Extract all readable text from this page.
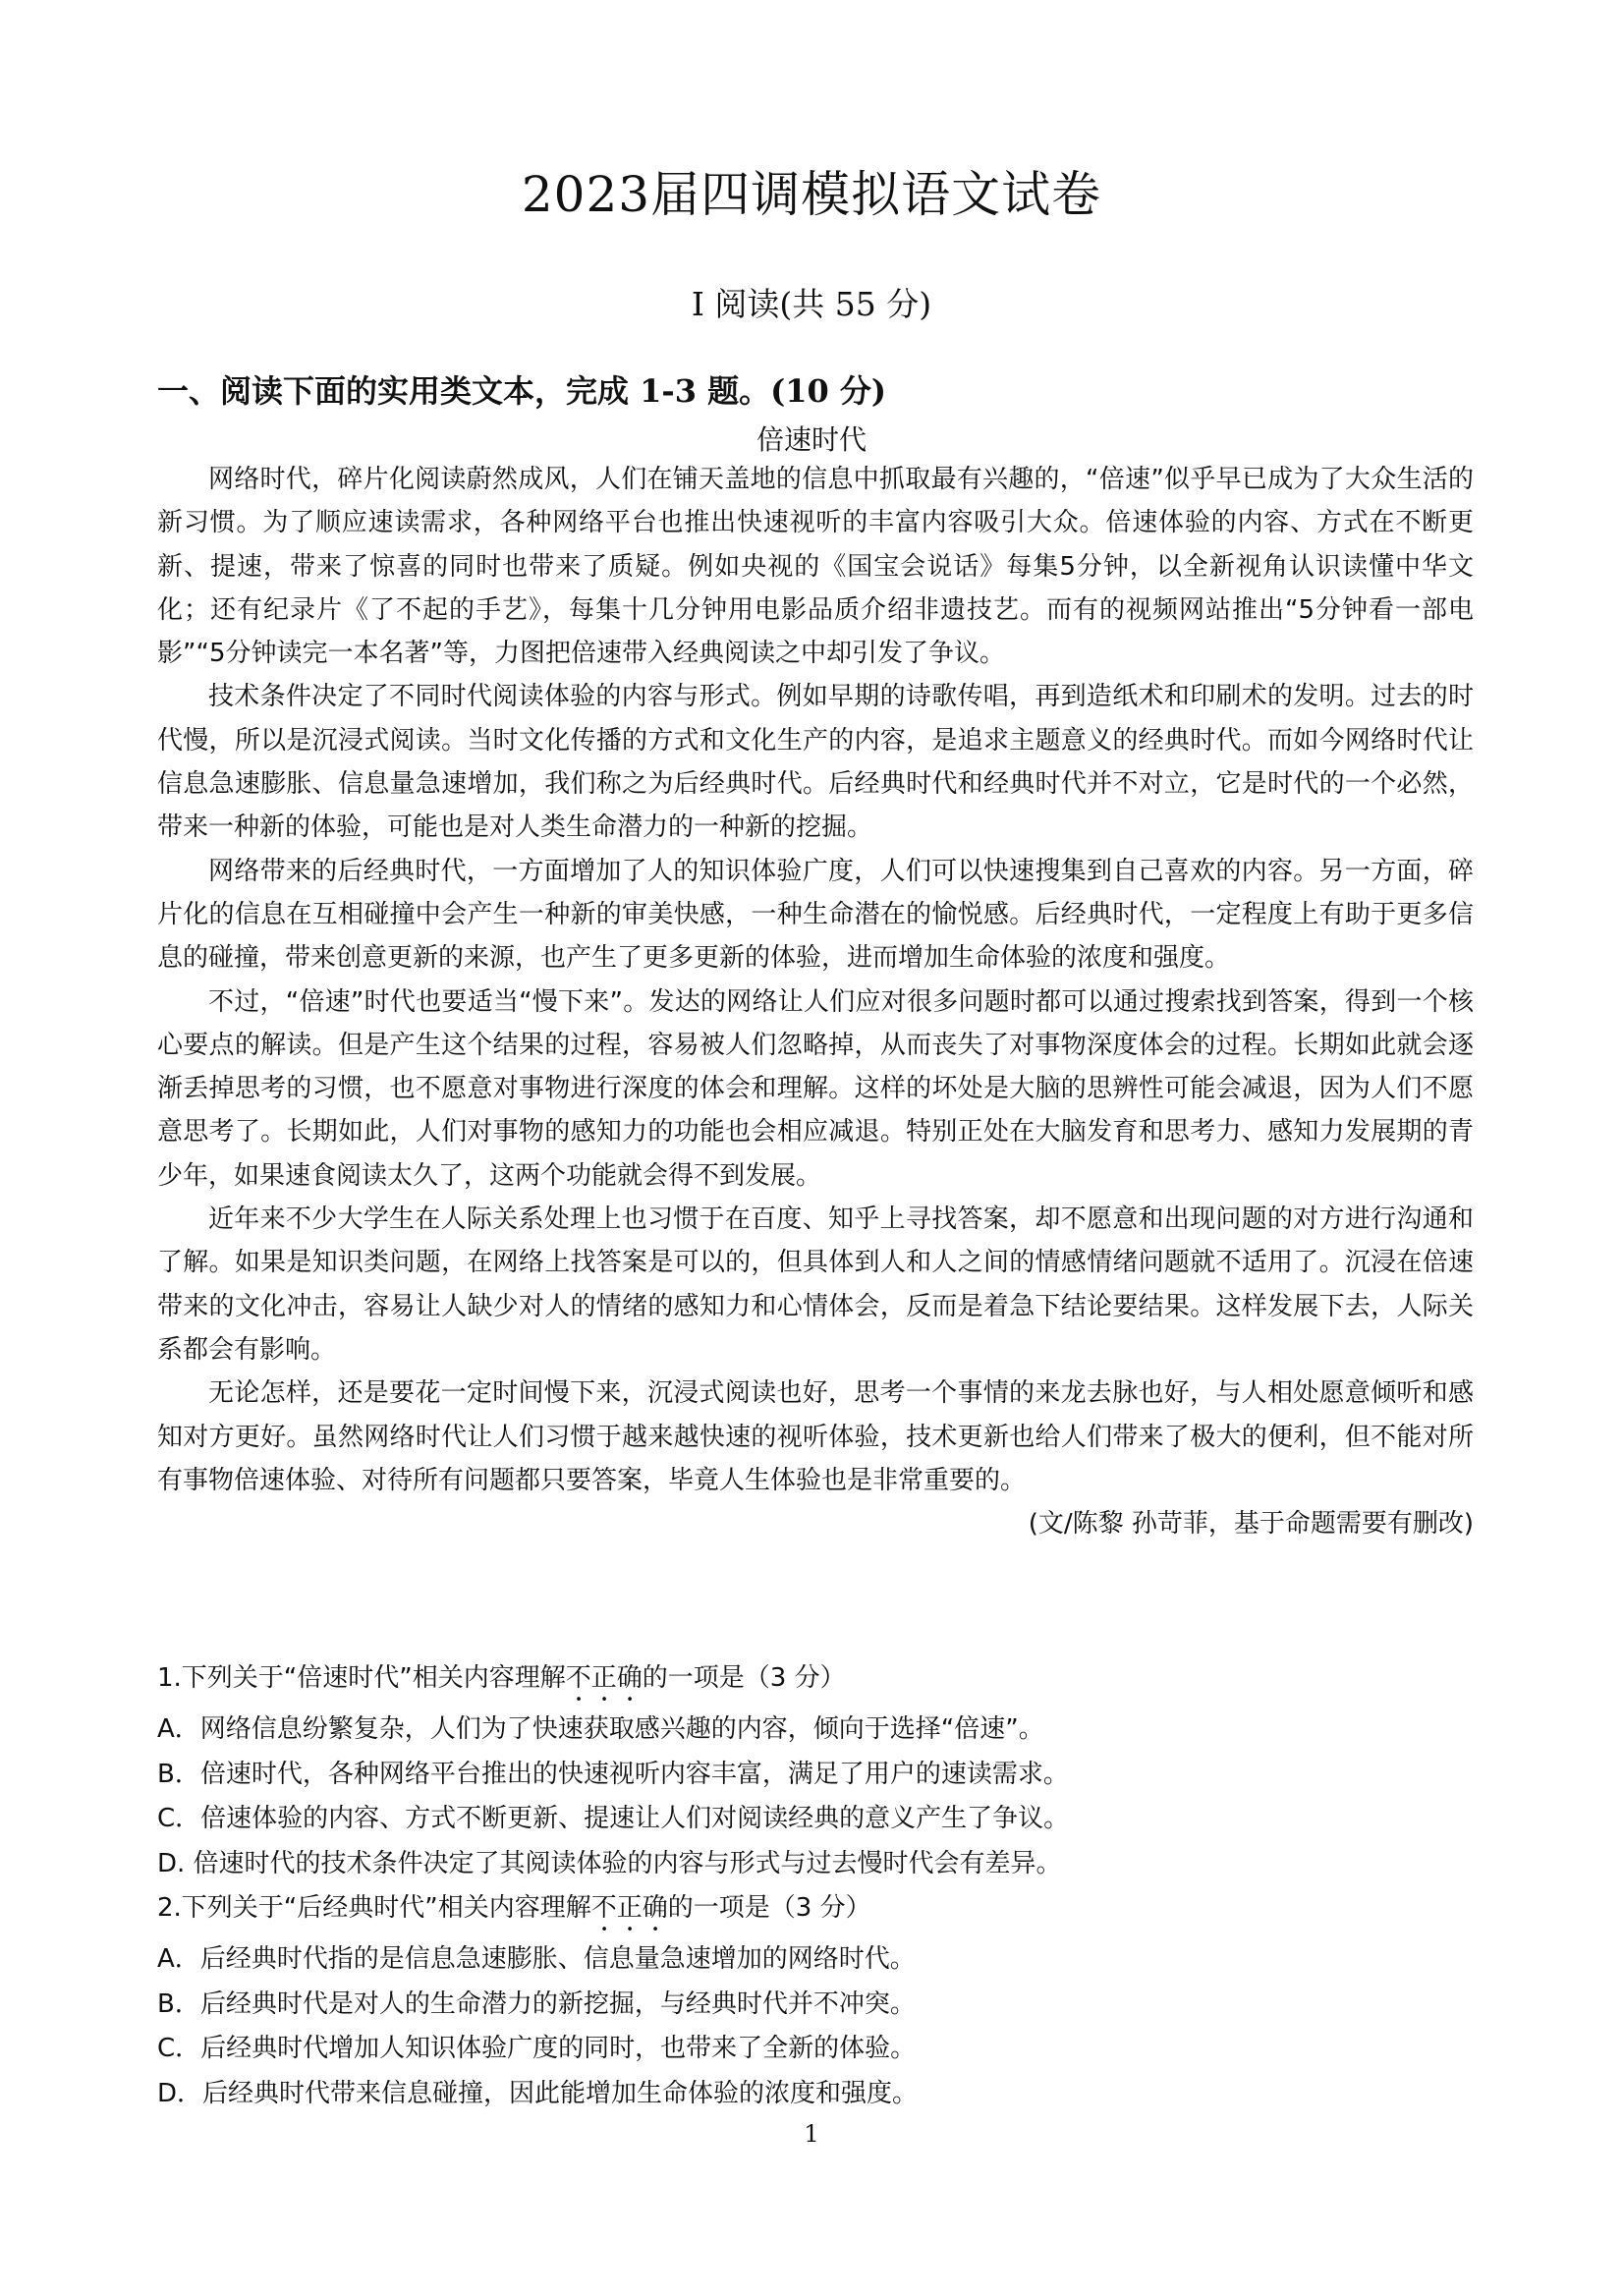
2023届四调模拟语文试卷
Ⅰ 阅读(共 55 分)
一、阅读下面的实用类文本，完成 1-3 题。(10 分)
倍速时代

网络时代，碎片化阅读蔚然成风，人们在铺天盖地的信息中抓取最有兴趣的，“倍速”似乎早已成为了大众生活的新习惯。为了顺应速读需求，各种网络平台也推出快速视听的丰富内容吸引大众。倍速体验的内容、方式在不断更新、提速，带来了惊喜的同时也带来了质疑。例如央视的《国宝会说话》每集5分钟，以全新视角认识读懂中华文化；还有纪录片《了不起的手艺》，每集十几分钟用电影品质介绍非遗技艺。而有的视频网站推出“5分钟看一部电影”“5分钟读完一本名著”等，力图把倍速带入经典阅读之中却引发了争议。

技术条件决定了不同时代阅读体验的内容与形式。例如早期的诗歌传唱，再到造纸术和印刷术的发明。过去的时代慢，所以是沉浸式阅读。当时文化传播的方式和文化生产的内容，是追求主题意义的经典时代。而如今网络时代让信息急速膨胀、信息量急速增加，我们称之为后经典时代。后经典时代和经典时代并不对立，它是时代的一个必然，带来一种新的体验，可能也是对人类生命潜力的一种新的挖掘。

网络带来的后经典时代，一方面增加了人的知识体验广度，人们可以快速搜集到自己喜欢的内容。另一方面，碎片化的信息在互相碰撞中会产生一种新的审美快感，一种生命潜在的愉悦感。后经典时代，一定程度上有助于更多信息的碰撞，带来创意更新的来源，也产生了更多更新的体验，进而增加生命体验的浓度和强度。

不过，“倍速”时代也要适当“慢下来”。发达的网络让人们应对很多问题时都可以通过搜索找到答案，得到一个核心要点的解读。但是产生这个结果的过程，容易被人们忽略掉，从而丧失了对事物深度体会的过程。长期如此就会逐渐丢掉思考的习惯，也不愿意对事物进行深度的体会和理解。这样的坏处是大脑的思辨性可能会减退，因为人们不愿意思考了。长期如此，人们对事物的感知力的功能也会相应减退。特别正处在大脑发育和思考力、感知力发展期的青少年，如果速食阅读太久了，这两个功能就会得不到发展。

近年来不少大学生在人际关系处理上也习惯于在百度、知乎上寻找答案，却不愿意和出现问题的对方进行沟通和了解。如果是知识类问题，在网络上找答案是可以的，但具体到人和人之间的情感情绪问题就不适用了。沉浸在倍速带来的文化冲击，容易让人缺少对人的情绪的感知力和心情体会，反而是着急下结论要结果。这样发展下去，人际关系都会有影响。

无论怎样，还是要花一定时间慢下来，沉浸式阅读也好，思考一个事情的来龙去脉也好，与人相处愿意倾听和感知对方更好。虽然网络时代让人们习惯于越来越快速的视听体验，技术更新也给人们带来了极大的便利，但不能对所有事物倍速体验、对待所有问题都只要答案，毕竟人生体验也是非常重要的。

(文/陈黎 孙苛菲，基于命题需要有删改)

1.下列关于“倍速时代”相关内容理解不正确的一项是（3 分）
A．网络信息纷繁复杂，人们为了快速获取感兴趣的内容，倾向于选择“倍速”。
B．倍速时代，各种网络平台推出的快速视听内容丰富，满足了用户的速读需求。
C．倍速体验的内容、方式不断更新、提速让人们对阅读经典的意义产生了争议。
D. 倍速时代的技术条件决定了其阅读体验的内容与形式与过去慢时代会有差异。
2.下列关于“后经典时代”相关内容理解不正确的一项是（3 分）
A．后经典时代指的是信息急速膨胀、信息量急速增加的网络时代。
B．后经典时代是对人的生命潜力的新挖掘，与经典时代并不冲突。
C．后经典时代增加人知识体验广度的同时，也带来了全新的体验。
D．后经典时代带来信息碰撞，因此能增加生命体验的浓度和强度。
1
